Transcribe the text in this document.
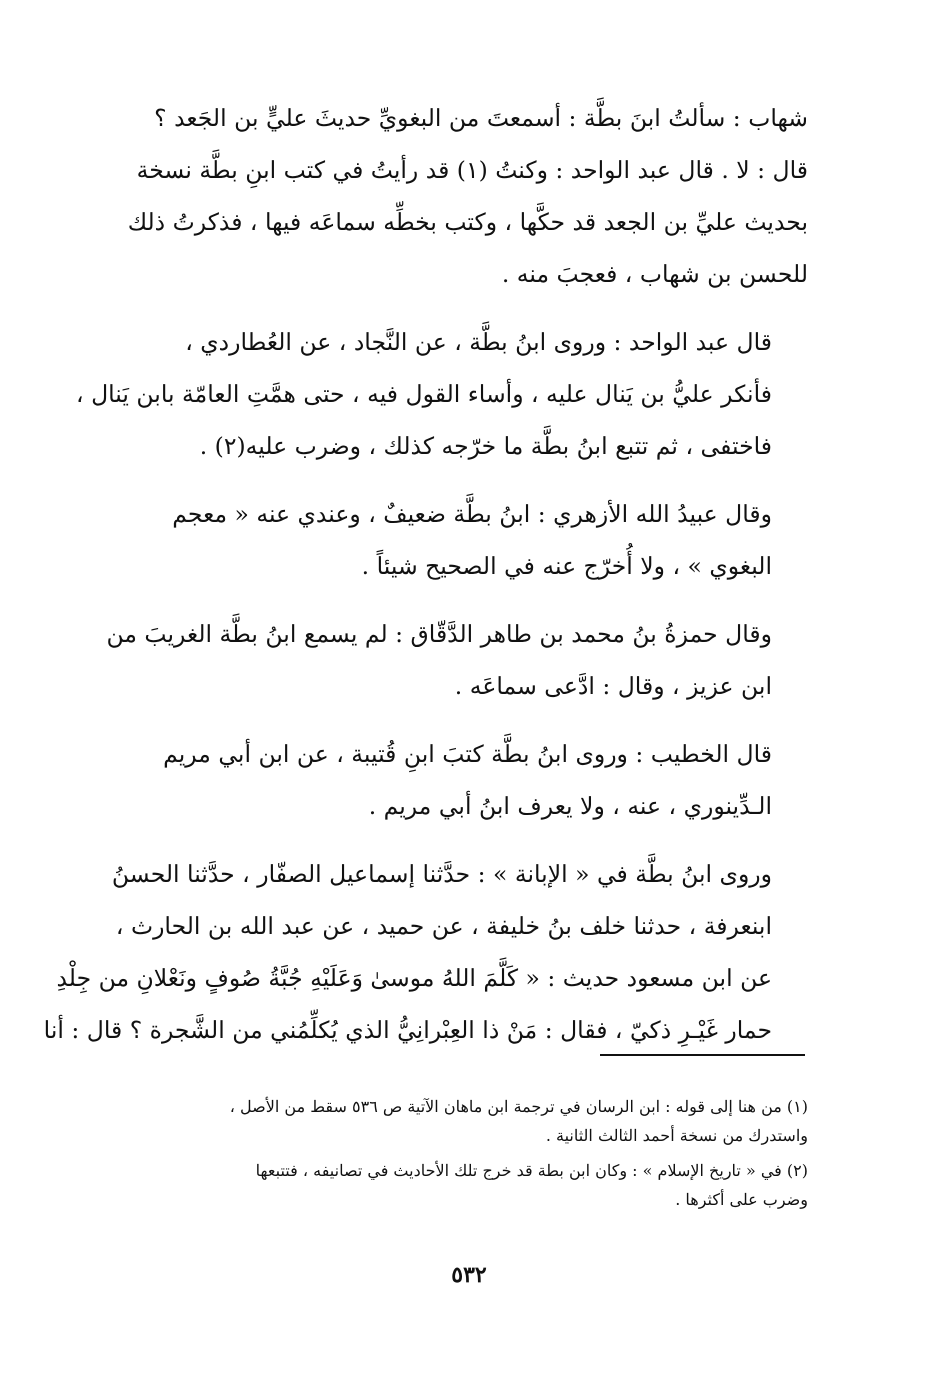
شهاب : سألتُ ابنَ بطَّة : أسمعتَ من البغويِّ حديثَ عليٍّ بن الجَعد ؟
قال : لا . قال عبد الواحد : وكنتُ (١) قد رأيتُ في كتب ابنِ بطَّة نسخة
بحديث عليِّ بن الجعد قد حكَّها ، وكتب بخطِّه سماعَه فيها ، فذكرتُ ذلك
للحسن بن شهاب ، فعجبَ منه .

قال عبد الواحد : وروى ابنُ بطَّة ، عن النَّجاد ، عن العُطاردي ،
فأنكر عليُّ بن يَنال عليه ، وأساء القول فيه ، حتى همَّتِ العامّة بابن يَنال ،
فاختفى ، ثم تتبع ابنُ بطَّة ما خرّجه كذلك ، وضرب عليه(٢) .

وقال عبيدُ الله الأزهري : ابنُ بطَّة ضعيفٌ ، وعندي عنه « معجم
البغوي » ، ولا أُخرّج عنه في الصحيح شيئاً .

وقال حمزةُ بنُ محمد بن طاهر الدَّقّاق : لم يسمع ابنُ بطَّة الغريبَ من
ابن عزيز ، وقال : ادَّعى سماعَه .

قال الخطيب : وروى ابنُ بطَّة كتبَ ابنِ قُتيبة ، عن ابن أبي مريم
الـدِّينوري ، عنه ، ولا يعرف ابنُ أبي مريم .

وروى ابنُ بطَّة في « الإبانة » : حدَّثنا إسماعيل الصفّار ، حدَّثنا الحسنُ
ابنعرفة ، حدثنا خلف بنُ خليفة ، عن حميد ، عن عبد الله بن الحارث ،
عن ابن مسعود حديث : « كَلَّمَ اللهُ موسىٰ وَعَلَيْهِ جُبَّةُ صُوفٍ ونَعْلانِ من جِلْدِ
حمار غَيْـرِ ذكيّ ، فقال : مَنْ ذا العِبْرانِيُّ الذي يُكلِّمُني من الشَّجرة ؟ قال : أنا

(١) من هنا إلى قوله : ابن الرسان في ترجمة ابن ماهان الآتية ص ٥٣٦ سقط من الأصل ،
واستدرك من نسخة أحمد الثالث الثانية .

(٢) في « تاريخ الإسلام » : وكان ابن بطة قد خرج تلك الأحاديث في تصانيفه ، فتتبعها
وضرب على أكثرها .

٥٣٢
